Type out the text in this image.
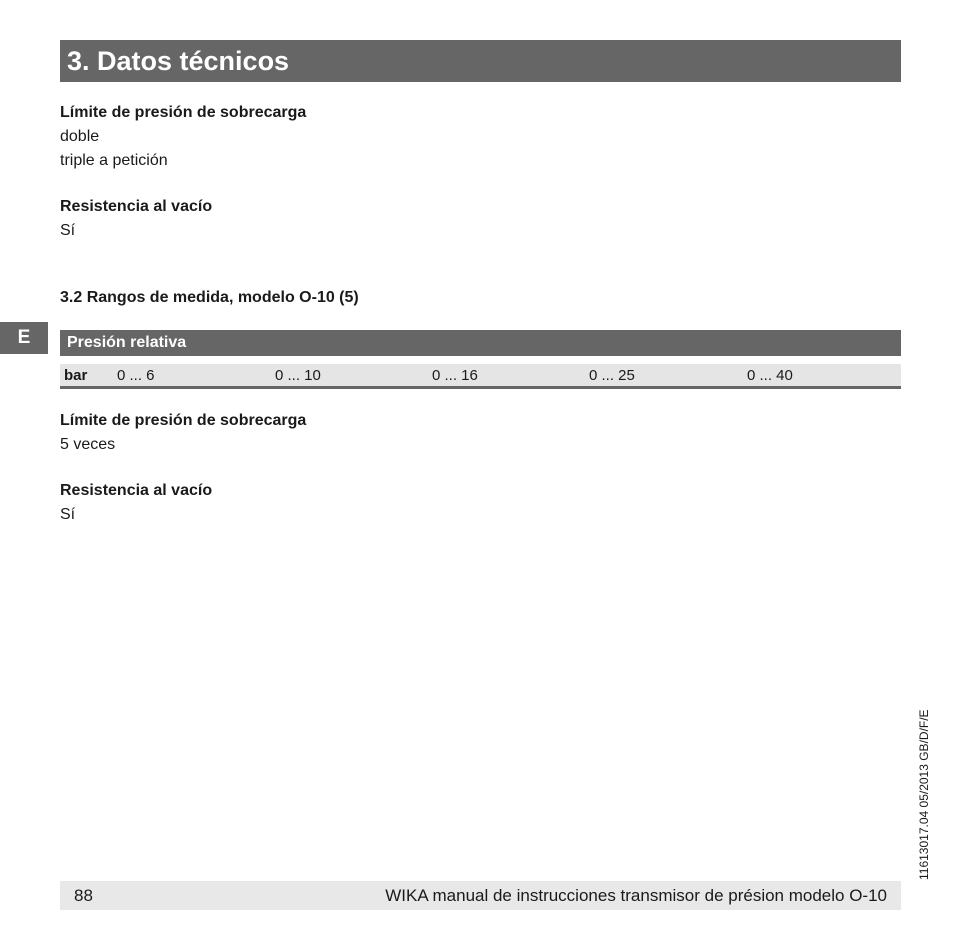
3. Datos técnicos
Límite de presión de sobrecarga
doble
triple a petición
Resistencia al vacío
Sí
3.2 Rangos de medida, modelo O-10 (5)
E	Presión relativa
bar 0 ... 6	0 ... 10	0 ... 16	0 ... 25	0 ... 40
Límite de presión de sobrecarga
5 veces
Resistencia al vacío
Sí
11613017.04 05/2013 GB/D/F/E
88	WIKA manual de instrucciones transmisor de présion modelo O-10
